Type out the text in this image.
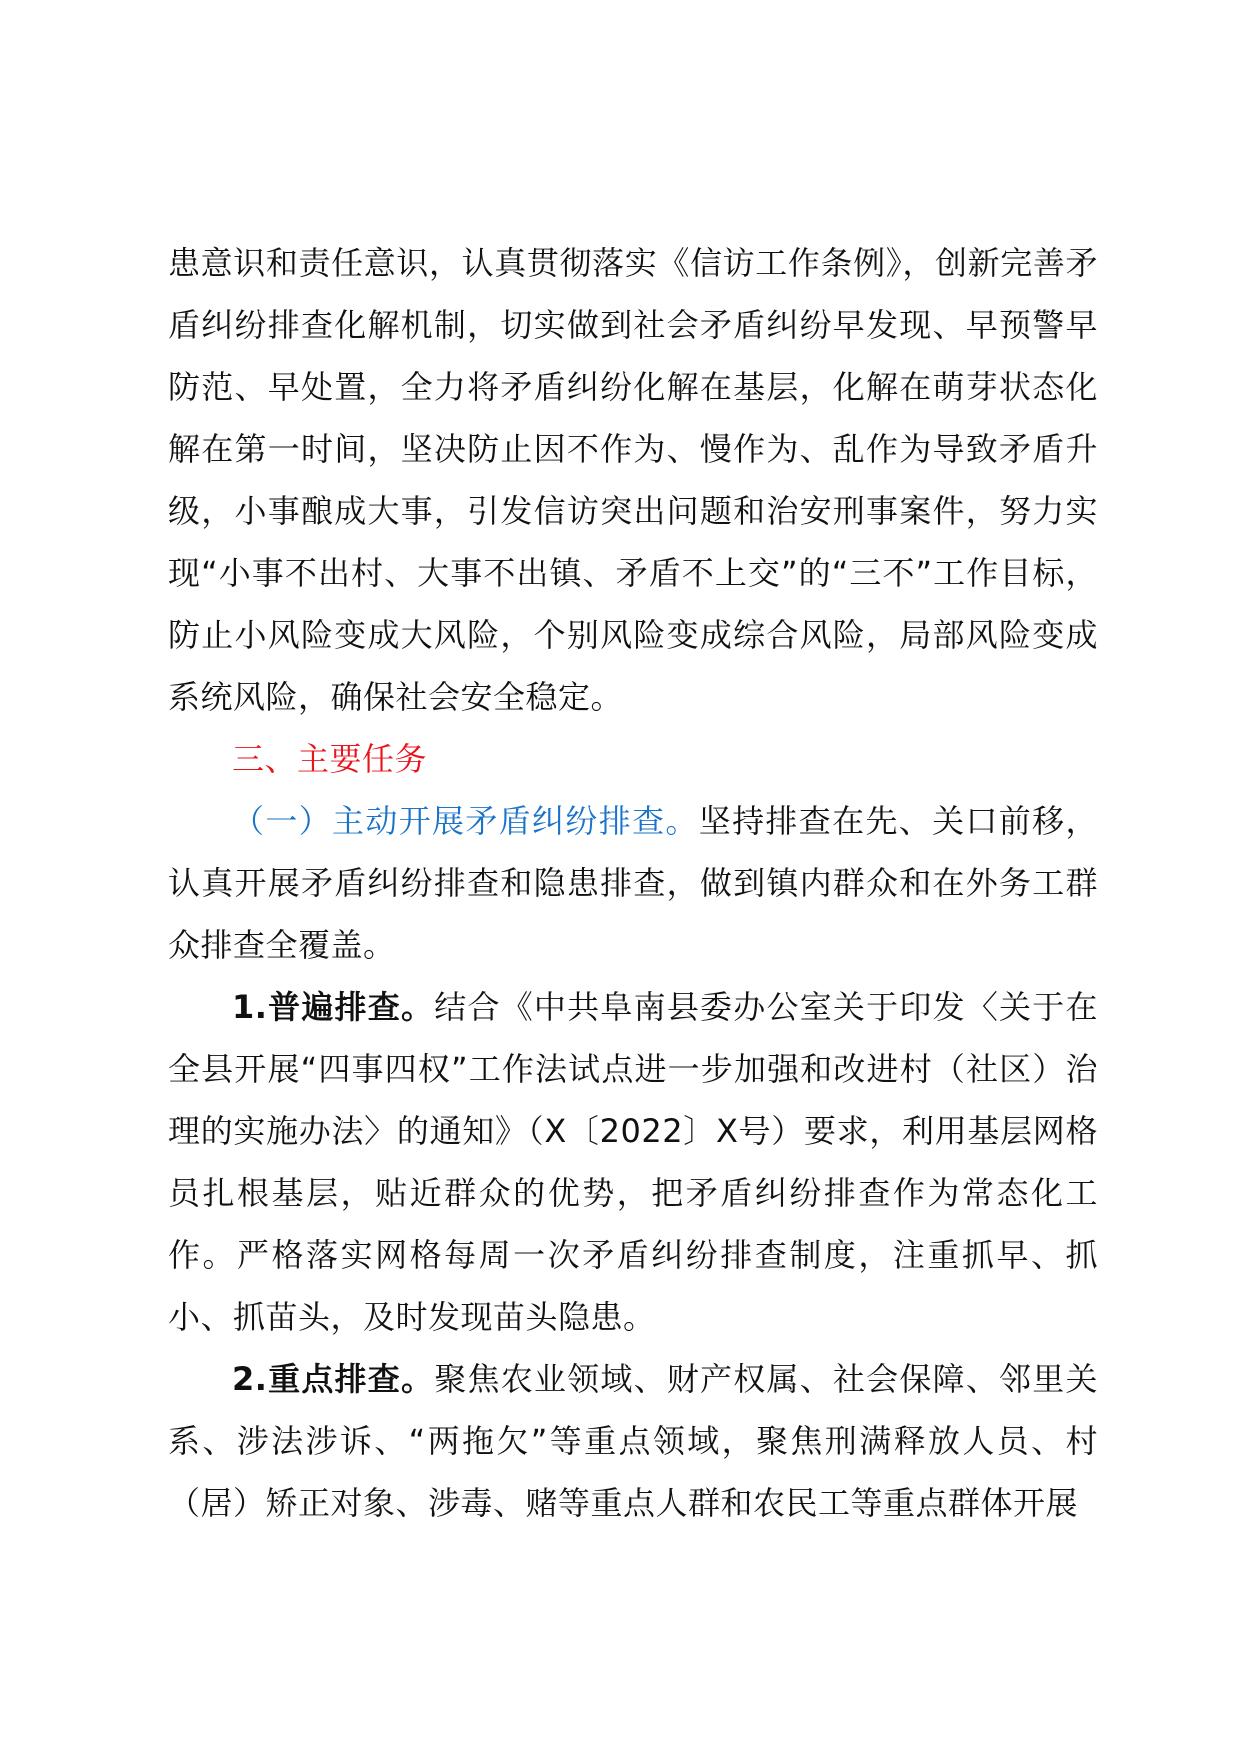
患意识和责任意识，认真贯彻落实《信访工作条例》，创新完善矛盾纠纷排查化解机制，切实做到社会矛盾纠纷早发现、早预警早防范、早处置，全力将矛盾纠纷化解在基层，化解在萌芽状态化解在第一时间，坚决防止因不作为、慢作为、乱作为导致矛盾升级，小事酿成大事，引发信访突出问题和治安刑事案件，努力实现“小事不出村、大事不出镇、矛盾不上交”的“三不”工作目标，防止小风险变成大风险，个别风险变成综合风险，局部风险变成系统风险，确保社会安全稳定。

三、主要任务

（一）主动开展矛盾纠纷排查。坚持排查在先、关口前移，认真开展矛盾纠纷排查和隐患排查，做到镇内群众和在外务工群众排查全覆盖。

1.普遍排查。结合《中共阜南县委办公室关于印发〈关于在全县开展“四事四权”工作法试点进一步加强和改进村（社区）治理的实施办法〉的通知》（X〔2022〕X号）要求，利用基层网格员扎根基层，贴近群众的优势，把矛盾纠纷排查作为常态化工作。严格落实网格每周一次矛盾纠纷排查制度，注重抓早、抓小、抓苗头，及时发现苗头隐患。

2.重点排查。聚焦农业领域、财产权属、社会保障、邻里关系、涉法涉诉、“两拖欠”等重点领域，聚焦刑满释放人员、村（居）矫正对象、涉毒、赌等重点人群和农民工等重点群体开展
